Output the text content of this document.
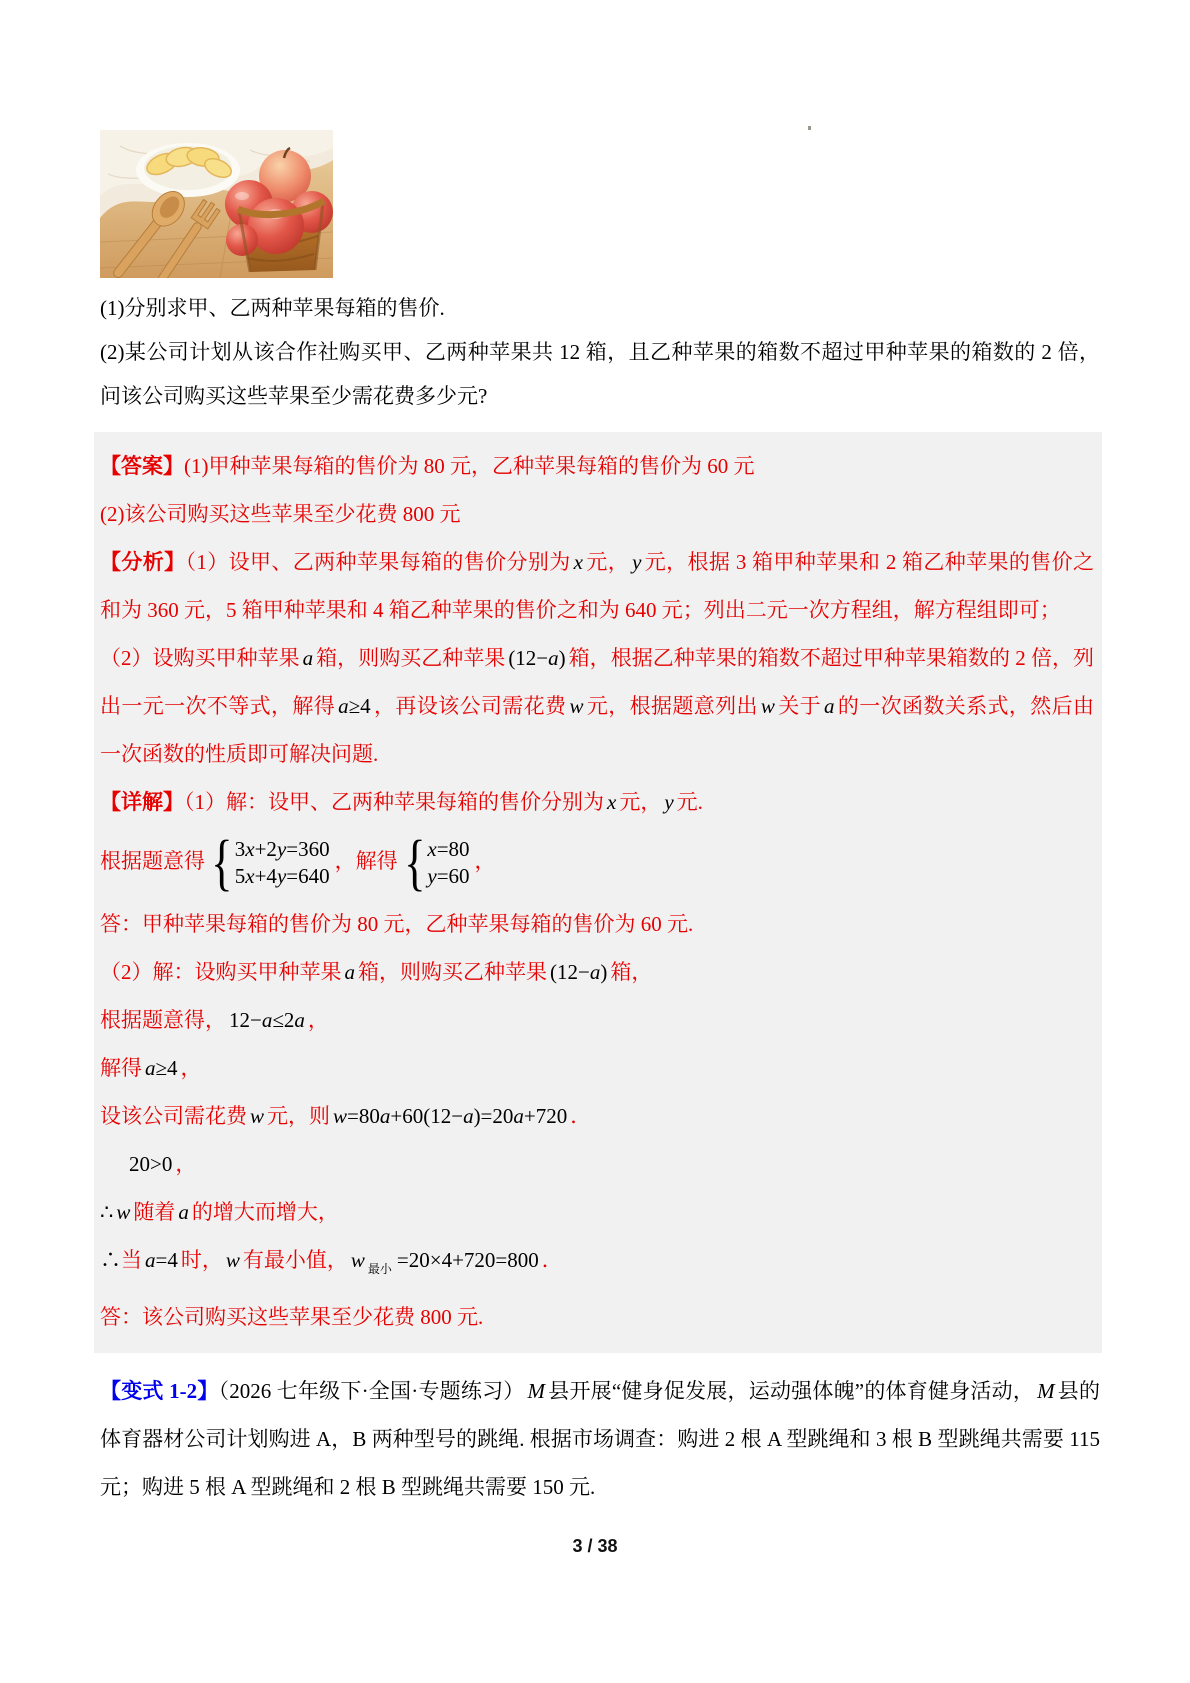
(1)分别求甲、乙两种苹果每箱的售价.

(2)某公司计划从该合作社购买甲、乙两种苹果共 12 箱，且乙种苹果的箱数不超过甲种苹果的箱数的 2 倍，问该公司购买这些苹果至少需花费多少元?

【答案】(1)甲种苹果每箱的售价为 80 元，乙种苹果每箱的售价为 60 元

(2)该公司购买这些苹果至少花费 800 元

【分析】（1）设甲、乙两种苹果每箱的售价分别为 x 元， y 元，根据 3 箱甲种苹果和 2 箱乙种苹果的售价之和为 360 元，5 箱甲种苹果和 4 箱乙种苹果的售价之和为 640 元；列出二元一次方程组，解方程组即可；

（2）设购买甲种苹果 a 箱，则购买乙种苹果 (12−a) 箱，根据乙种苹果的箱数不超过甲种苹果箱数的 2 倍，列出一元一次不等式，解得 a≥4 ，再设该公司需花费 w 元，根据题意列出 w 关于 a 的一次函数关系式，然后由一次函数的性质即可解决问题.

【详解】（1）解：设甲、乙两种苹果每箱的售价分别为 x 元， y 元.

根据题意得 { 3x+2y=360
5x+4y=640
，解得 { x=80
y=60
，

答：甲种苹果每箱的售价为 80 元，乙种苹果每箱的售价为 60 元.

（2）解：设购买甲种苹果 a 箱，则购买乙种苹果 (12−a) 箱，

根据题意得， 12−a≤2a ，

解得 a≥4 ，

设该公司需花费 w 元，则 w=80a+60(12−a)=20a+720 ．

20>0 ，

∴ w 随着 a 的增大而增大，

∴当 a=4 时， w 有最小值， w $_{最小}$ =20×4+720=800 ．

答：该公司购买这些苹果至少花费 800 元.

【变式 1-2】（2026 七年级下·全国·专题练习） M 县开展“健身促发展，运动强体魄”的体育健身活动， M 县的体育器材公司计划购进 A，B 两种型号的跳绳. 根据市场调查：购进 2 根 A 型跳绳和 3 根 B 型跳绳共需要 115 元；购进 5 根 A 型跳绳和 2 根 B 型跳绳共需要 150 元.

3 / 38
